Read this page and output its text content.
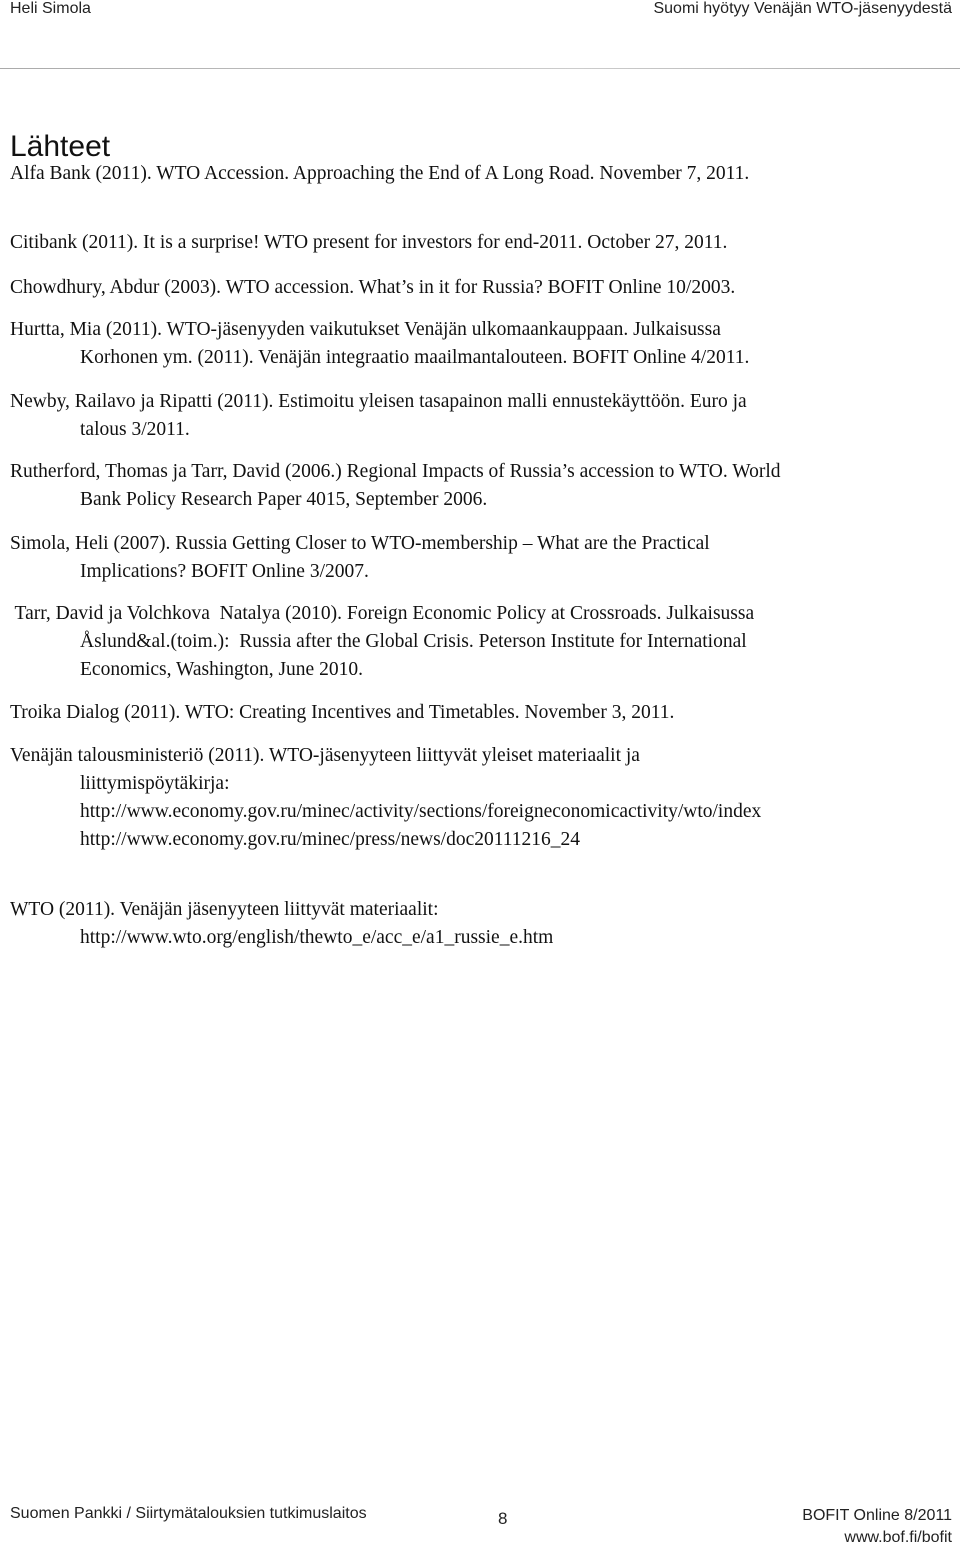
Heli Simola	Suomi hyötyy Venäjän WTO-jäsenyydestä
Lähteet
Alfa Bank (2011). WTO Accession. Approaching the End of A Long Road. November 7, 2011.
Citibank (2011). It is a surprise! WTO present for investors for end-2011. October 27, 2011.
Chowdhury, Abdur (2003). WTO accession. What’s in it for Russia? BOFIT Online 10/2003.
Hurtta, Mia (2011). WTO-jäsenyyden vaikutukset Venäjän ulkomaankauppaan. Julkaisussa
Korhonen ym. (2011). Venäjän integraatio maailmantalouteen. BOFIT Online 4/2011.
Newby, Railavo ja Ripatti (2011). Estimoitu yleisen tasapainon malli ennustekäyttöön. Euro ja
talous 3/2011.
Rutherford, Thomas ja Tarr, David (2006.) Regional Impacts of Russia’s accession to WTO. World
Bank Policy Research Paper 4015, September 2006.
Simola, Heli (2007). Russia Getting Closer to WTO-membership – What are the Practical
Implications? BOFIT Online 3/2007.
Tarr, David ja Volchkova  Natalya (2010). Foreign Economic Policy at Crossroads. Julkaisussa
Åslund&al.(toim.):  Russia after the Global Crisis. Peterson Institute for International
Economics, Washington, June 2010.
Troika Dialog (2011). WTO: Creating Incentives and Timetables. November 3, 2011.
Venäjän talousministeriö (2011). WTO-jäsenyyteen liittyvät yleiset materiaalit ja
liittymispöytäkirja:
http://www.economy.gov.ru/minec/activity/sections/foreigneconomicactivity/wto/index
http://www.economy.gov.ru/minec/press/news/doc20111216_24
WTO (2011). Venäjän jäsenyyteen liittyvät materiaalit:
http://www.wto.org/english/thewto_e/acc_e/a1_russie_e.htm
Suomen Pankki / Siirtymätalouksien tutkimuslaitos	8	BOFIT Online 8/2011
www.bof.fi/bofit
